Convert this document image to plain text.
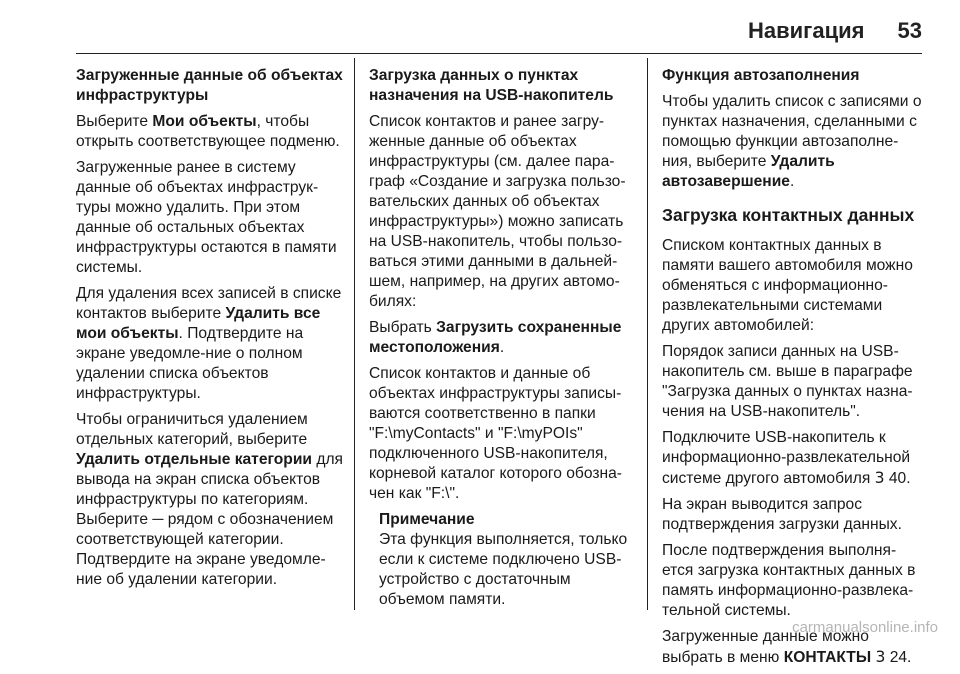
Навигация 53

Загруженные данные об объектах инфраструктуры

Выберите Мои объекты, чтобы открыть соответствующее подменю.

Загруженные ранее в систему данные об объектах инфраструк‐туры можно удалить. При этом данные об остальных объектах инфраструктуры остаются в памяти системы.

Для удаления всех записей в списке контактов выберите Удалить все мои объекты. Подтвердите на экране уведомле‐ние о полном удалении списка объектов инфраструктуры.

Чтобы ограничиться удалением отдельных категорий, выберите Удалить отдельные категории для вывода на экран списка объектов инфраструктуры по категориям. Выберите ─ рядом с обозначением соответствующей категории. Подтвердите на экране уведомле‐ние об удалении категории.

Загрузка данных о пунктах назначения на USB-накопитель

Список контактов и ранее загру‐женные данные об объектах инфраструктуры (см. далее пара‐граф «Создание и загрузка пользо‐вательских данных об объектах инфраструктуры») можно записать на USB-накопитель, чтобы пользо‐ваться этими данными в дальней‐шем, например, на других автомо‐билях:

Выбрать Загрузить сохраненные местоположения.

Список контактов и данные об объектах инфраструктуры записы‐ваются соответственно в папки "F:\myContacts" и "F:\myPOIs" подключенного USB-накопителя, корневой каталог которого обозна‐чен как "F:\".

Примечание
Эта функция выполняется, только если к системе подключено USB-устройство с достаточным объемом памяти.

Функция автозаполнения

Чтобы удалить список с записями о пунктах назначения, сделанными с помощью функции автозаполне‐ния, выберите Удалить автозавершение.

Загрузка контактных данных

Списком контактных данных в памяти вашего автомобиля можно обменяться с информационно-развлекательными системами других автомобилей:

Порядок записи данных на USB-накопитель см. выше в параграфе "Загрузка данных о пунктах назна‐чения на USB-накопитель".

Подключите USB-накопитель к информационно-развлекательной системе другого автомобиля 3 40.

На экран выводится запрос подтверждения загрузки данных.

После подтверждения выполня‐ется загрузка контактных данных в память информационно-развлека‐тельной системы.

Загруженные данные можно выбрать в меню КОНТАКТЫ 3 24.

carmanualsonline.info
